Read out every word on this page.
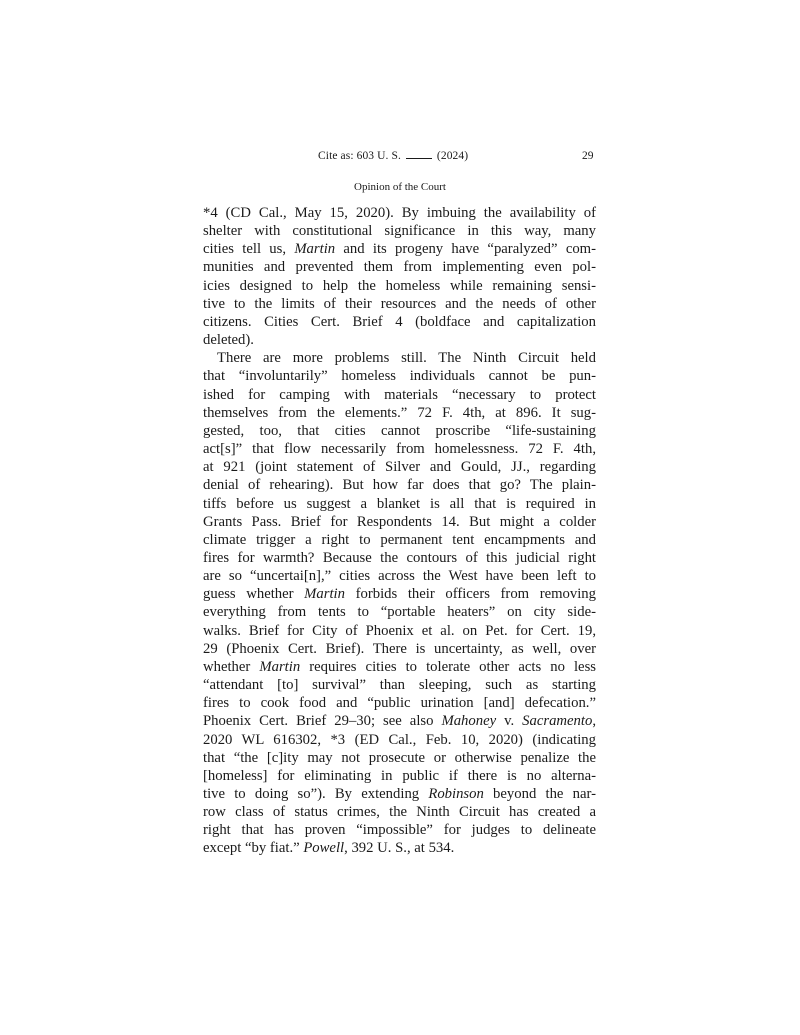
Cite as: 603 U. S.	(2024)	29
Opinion of the Court
*4 (CD Cal., May 15, 2020). By imbuing the availability of
shelter with constitutional significance in this way, many
cities tell us, Martin and its progeny have “paralyzed” com-
munities and prevented them from implementing even pol-
icies designed to help the homeless while remaining sensi-
tive to the limits of their resources and the needs of other
citizens. Cities Cert. Brief 4 (boldface and capitalization
deleted).
There are more problems still. The Ninth Circuit held
that “involuntarily” homeless individuals cannot be pun-
ished for camping with materials “necessary to protect
themselves from the elements.” 72 F. 4th, at 896. It sug-
gested, too, that cities cannot proscribe “life-sustaining
act[s]” that flow necessarily from homelessness. 72 F. 4th,
at 921 (joint statement of Silver and Gould, JJ., regarding
denial of rehearing). But how far does that go? The plain-
tiffs before us suggest a blanket is all that is required in
Grants Pass. Brief for Respondents 14. But might a colder
climate trigger a right to permanent tent encampments and
fires for warmth? Because the contours of this judicial right
are so “uncertai[n],” cities across the West have been left to
guess whether Martin forbids their officers from removing
everything from tents to “portable heaters” on city side-
walks. Brief for City of Phoenix et al. on Pet. for Cert. 19,
29 (Phoenix Cert. Brief). There is uncertainty, as well, over
whether Martin requires cities to tolerate other acts no less
“attendant [to] survival” than sleeping, such as starting
fires to cook food and “public urination [and] defecation.”
Phoenix Cert. Brief 29–30; see also Mahoney v. Sacramento,
2020 WL 616302, *3 (ED Cal., Feb. 10, 2020) (indicating
that “the [c]ity may not prosecute or otherwise penalize the
[homeless] for eliminating in public if there is no alterna-
tive to doing so”). By extending Robinson beyond the nar-
row class of status crimes, the Ninth Circuit has created a
right that has proven “impossible” for judges to delineate
except “by fiat.” Powell, 392 U. S., at 534.
